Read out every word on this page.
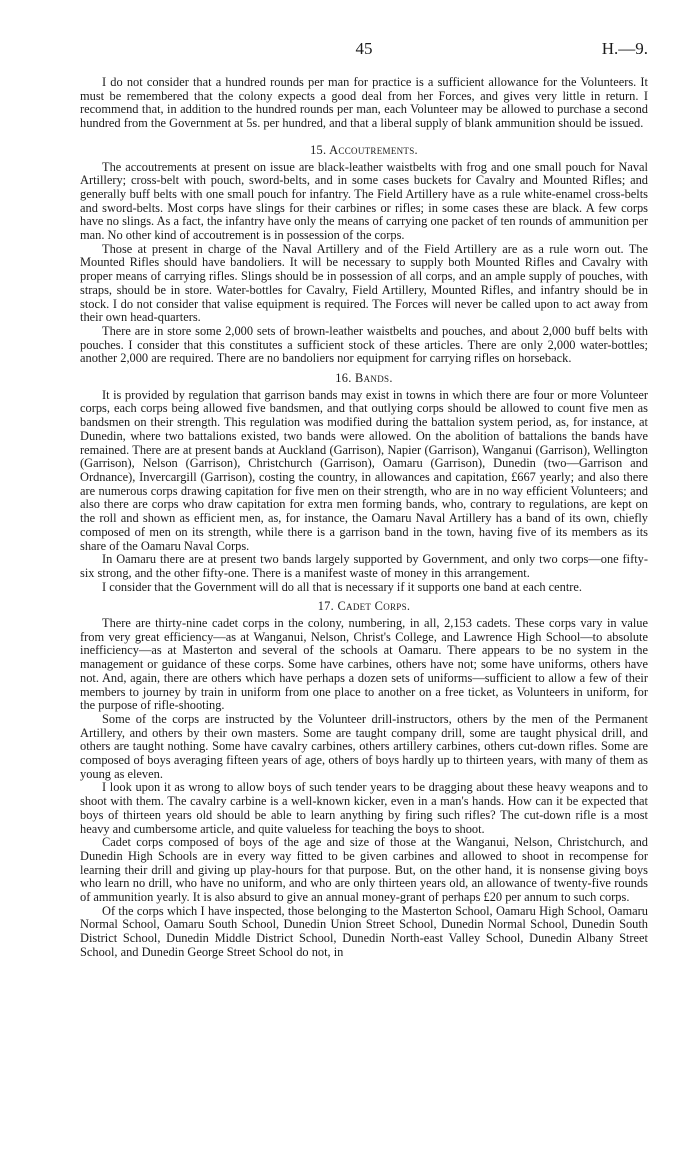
45	H.—9.

I do not consider that a hundred rounds per man for practice is a sufficient allowance for the Volunteers. It must be remembered that the colony expects a good deal from her Forces, and gives very little in return. I recommend that, in addition to the hundred rounds per man, each Volunteer may be allowed to purchase a second hundred from the Government at 5s. per hundred, and that a liberal supply of blank ammunition should be issued.

15. Accoutrements.

The accoutrements at present on issue are black-leather waistbelts with frog and one small pouch for Naval Artillery; cross-belt with pouch, sword-belts, and in some cases buckets for Cavalry and Mounted Rifles; and generally buff belts with one small pouch for infantry. The Field Artillery have as a rule white-enamel cross-belts and sword-belts. Most corps have slings for their carbines or rifles; in some cases these are black. A few corps have no slings. As a fact, the infantry have only the means of carrying one packet of ten rounds of ammunition per man. No other kind of accoutrement is in possession of the corps.

Those at present in charge of the Naval Artillery and of the Field Artillery are as a rule worn out. The Mounted Rifles should have bandoliers. It will be necessary to supply both Mounted Rifles and Cavalry with proper means of carrying rifles. Slings should be in possession of all corps, and an ample supply of pouches, with straps, should be in store. Water-bottles for Cavalry, Field Artillery, Mounted Rifles, and infantry should be in stock. I do not consider that valise equipment is required. The Forces will never be called upon to act away from their own head-quarters.

There are in store some 2,000 sets of brown-leather waistbelts and pouches, and about 2,000 buff belts with pouches. I consider that this constitutes a sufficient stock of these articles. There are only 2,000 water-bottles; another 2,000 are required. There are no bandoliers nor equipment for carrying rifles on horseback.

16. Bands.

It is provided by regulation that garrison bands may exist in towns in which there are four or more Volunteer corps, each corps being allowed five bandsmen, and that outlying corps should be allowed to count five men as bandsmen on their strength. This regulation was modified during the battalion system period, as, for instance, at Dunedin, where two battalions existed, two bands were allowed. On the abolition of battalions the bands have remained. There are at present bands at Auckland (Garrison), Napier (Garrison), Wanganui (Garrison), Wellington (Garrison), Nelson (Garrison), Christchurch (Garrison), Oamaru (Garrison), Dunedin (two—Garrison and Ordnance), Invercargill (Garrison), costing the country, in allowances and capitation, £667 yearly; and also there are numerous corps drawing capitation for five men on their strength, who are in no way efficient Volunteers; and also there are corps who draw capitation for extra men forming bands, who, contrary to regulations, are kept on the roll and shown as efficient men, as, for instance, the Oamaru Naval Artillery has a band of its own, chiefly composed of men on its strength, while there is a garrison band in the town, having five of its members as its share of the Oamaru Naval Corps.

In Oamaru there are at present two bands largely supported by Government, and only two corps—one fifty-six strong, and the other fifty-one. There is a manifest waste of money in this arrangement.

I consider that the Government will do all that is necessary if it supports one band at each centre.

17. Cadet Corps.

There are thirty-nine cadet corps in the colony, numbering, in all, 2,153 cadets. These corps vary in value from very great efficiency—as at Wanganui, Nelson, Christ's College, and Lawrence High School—to absolute inefficiency—as at Masterton and several of the schools at Oamaru. There appears to be no system in the management or guidance of these corps. Some have carbines, others have not; some have uniforms, others have not. And, again, there are others which have perhaps a dozen sets of uniforms—sufficient to allow a few of their members to journey by train in uniform from one place to another on a free ticket, as Volunteers in uniform, for the purpose of rifle-shooting.

Some of the corps are instructed by the Volunteer drill-instructors, others by the men of the Permanent Artillery, and others by their own masters. Some are taught company drill, some are taught physical drill, and others are taught nothing. Some have cavalry carbines, others artillery carbines, others cut-down rifles. Some are composed of boys averaging fifteen years of age, others of boys hardly up to thirteen years, with many of them as young as eleven.

I look upon it as wrong to allow boys of such tender years to be dragging about these heavy weapons and to shoot with them. The cavalry carbine is a well-known kicker, even in a man's hands. How can it be expected that boys of thirteen years old should be able to learn anything by firing such rifles? The cut-down rifle is a most heavy and cumbersome article, and quite valueless for teaching the boys to shoot.

Cadet corps composed of boys of the age and size of those at the Wanganui, Nelson, Christchurch, and Dunedin High Schools are in every way fitted to be given carbines and allowed to shoot in recompense for learning their drill and giving up play-hours for that purpose. But, on the other hand, it is nonsense giving boys who learn no drill, who have no uniform, and who are only thirteen years old, an allowance of twenty-five rounds of ammunition yearly. It is also absurd to give an annual money-grant of perhaps £20 per annum to such corps.

Of the corps which I have inspected, those belonging to the Masterton School, Oamaru High School, Oamaru Normal School, Oamaru South School, Dunedin Union Street School, Dunedin Normal School, Dunedin South District School, Dunedin Middle District School, Dunedin North-east Valley School, Dunedin Albany Street School, and Dunedin George Street School do not, in
